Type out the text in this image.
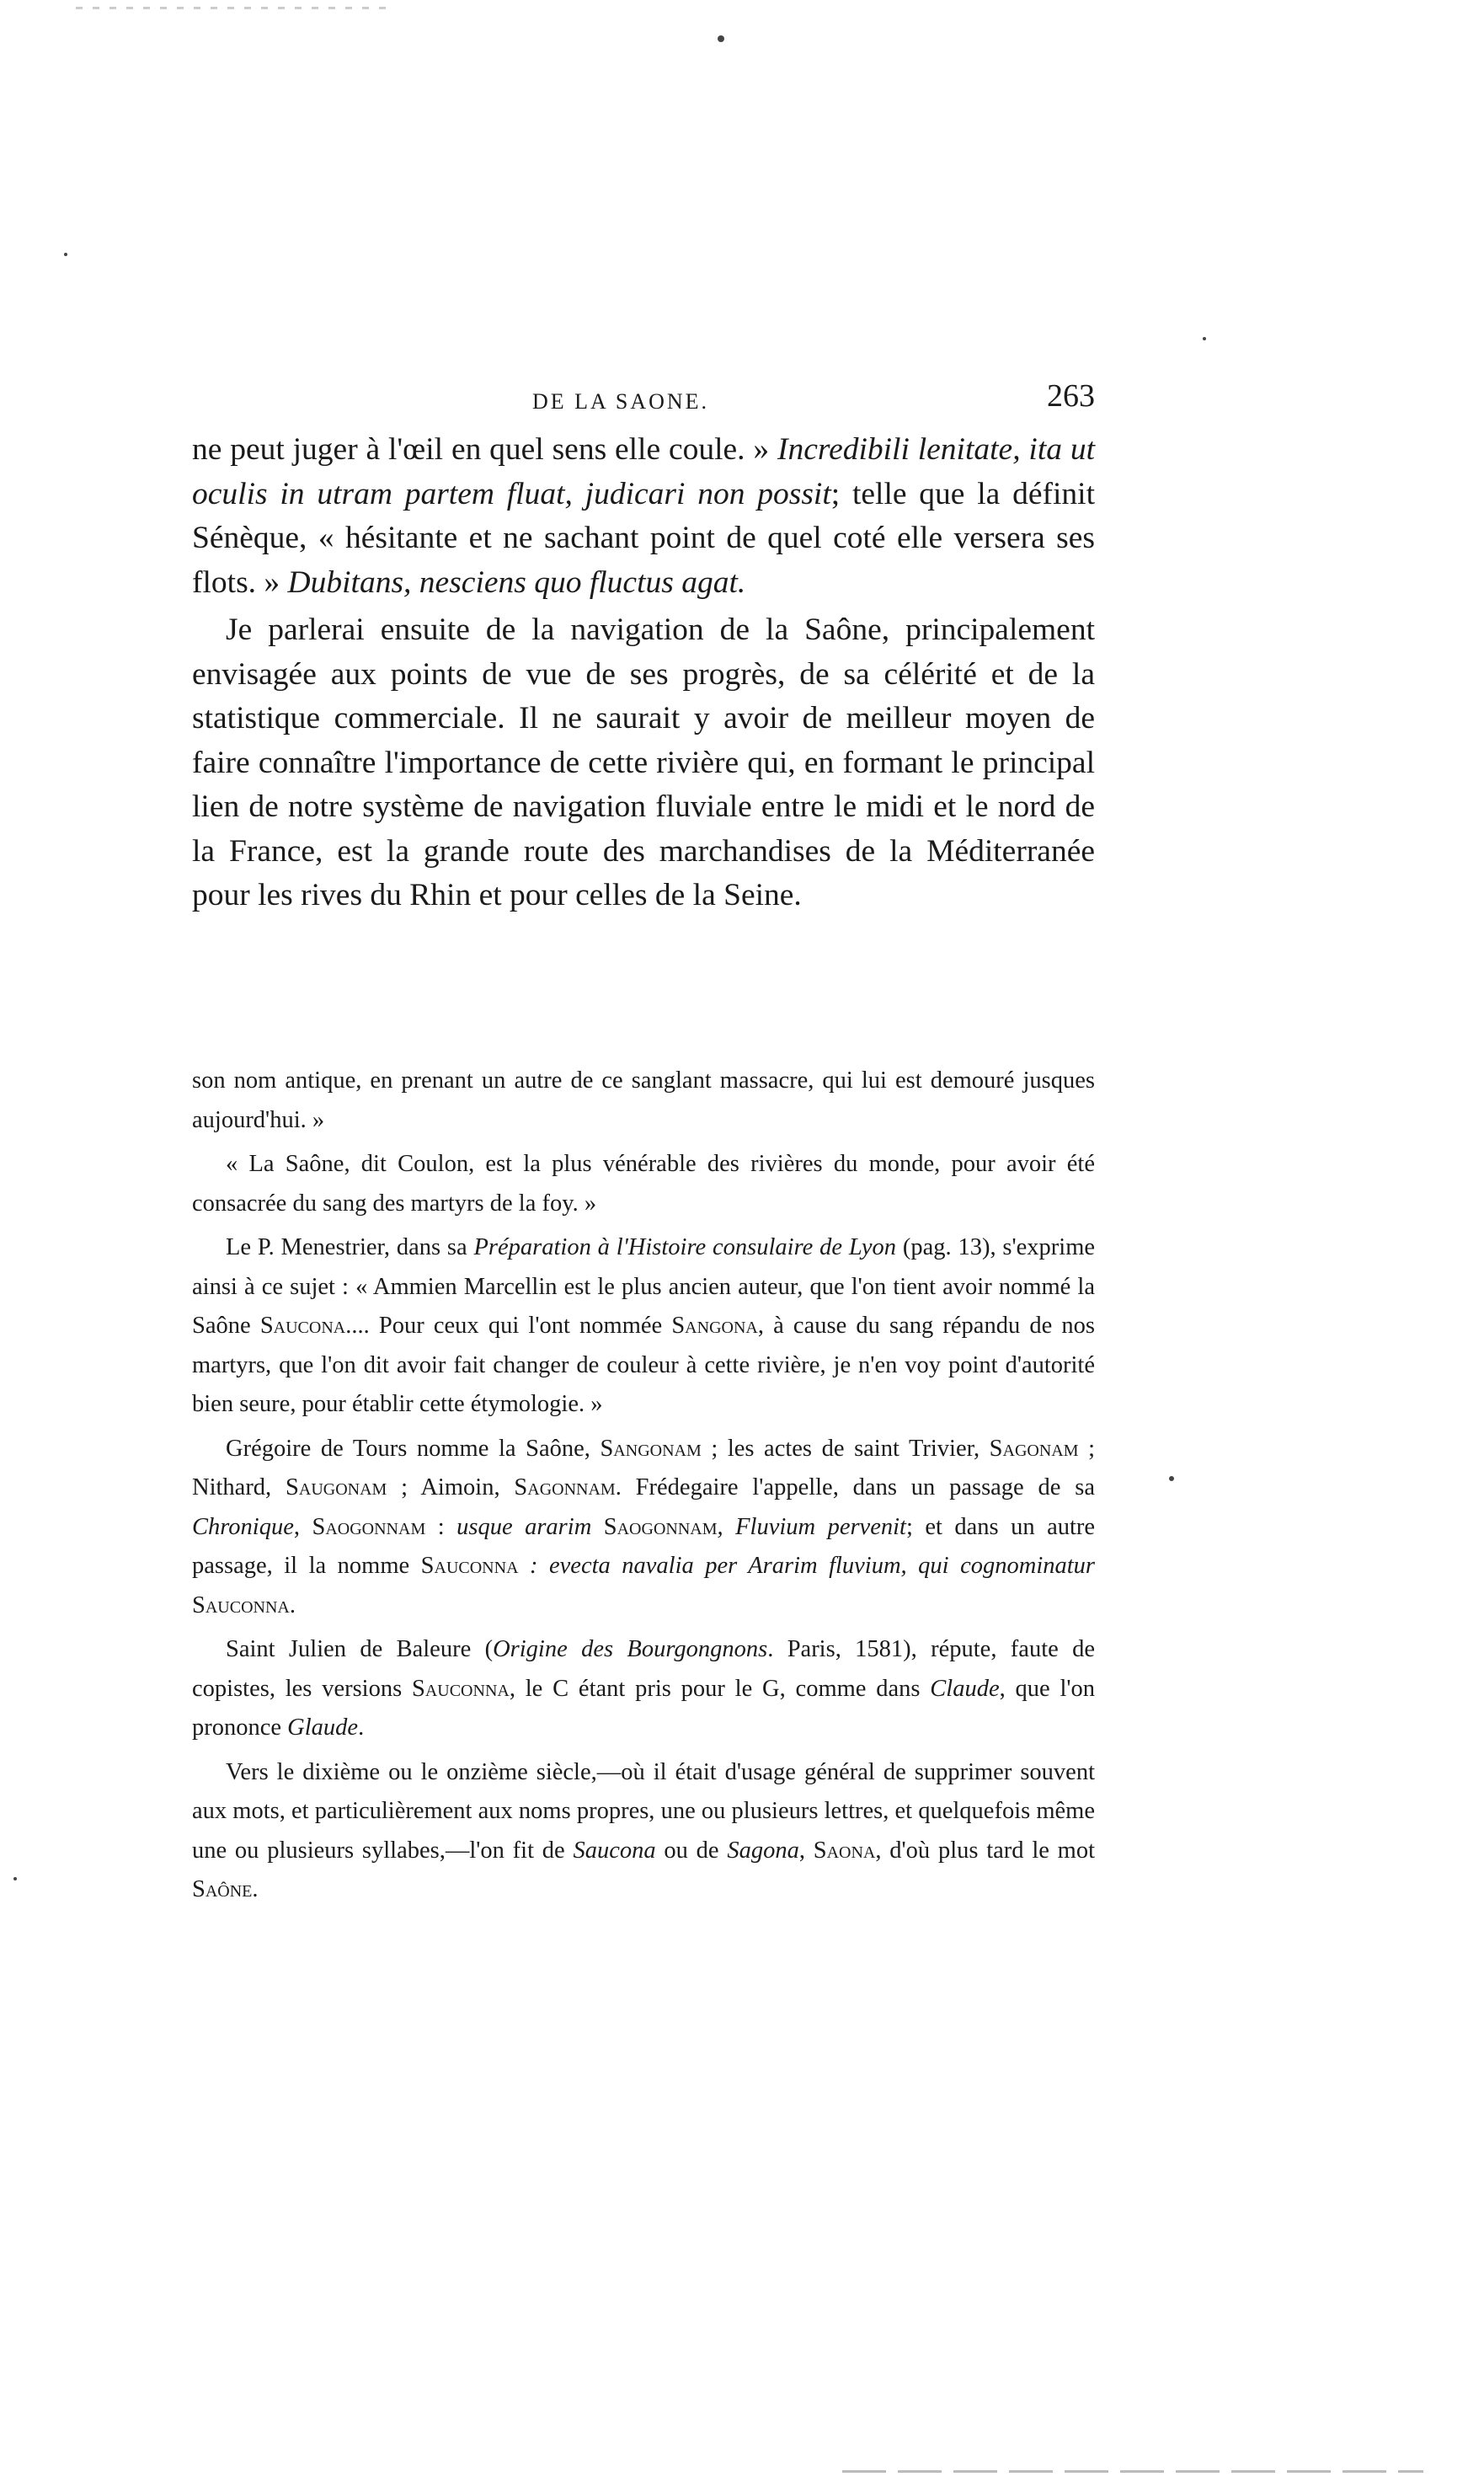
DE LA SAONE.	263

ne peut juger à l'œil en quel sens elle coule. » Incredibili lenitate, ita ut oculis in utram partem fluat, judicari non possit; telle que la définit Sénèque, « hésitante et ne sachant point de quel coté elle versera ses flots. » Dubitans, nesciens quo fluctus agat.

Je parlerai ensuite de la navigation de la Saône, principalement envisagée aux points de vue de ses progrès, de sa célérité et de la statistique commerciale. Il ne saurait y avoir de meilleur moyen de faire connaître l'importance de cette rivière qui, en formant le principal lien de notre système de navigation fluviale entre le midi et le nord de la France, est la grande route des marchandises de la Méditerranée pour les rives du Rhin et pour celles de la Seine.

son nom antique, en prenant un autre de ce sanglant massacre, qui lui est demouré jusques aujourd'hui. »

« La Saône, dit Coulon, est la plus vénérable des rivières du monde, pour avoir été consacrée du sang des martyrs de la foy. »

Le P. Menestrier, dans sa Préparation à l'Histoire consulaire de Lyon (pag. 13), s'exprime ainsi à ce sujet : « Ammien Marcellin est le plus ancien auteur, que l'on tient avoir nommé la Saône Saucona.... Pour ceux qui l'ont nommée Sangona, à cause du sang répandu de nos martyrs, que l'on dit avoir fait changer de couleur à cette rivière, je n'en voy point d'autorité bien seure, pour établir cette étymologie. »

Grégoire de Tours nomme la Saône, Sangonam ; les actes de saint Trivier, Sagonam ; Nithard, Saugonam ; Aimoin, Sagonnam. Frédegaire l'appelle, dans un passage de sa Chronique, Saogonnam : usque ararim Saogonnam, Fluvium pervenit; et dans un autre passage, il la nomme Sauconna : evecta navalia per Ararim fluvium, qui cognominatur Sauconna.

Saint Julien de Baleure (Origine des Bourgongnons. Paris, 1581), répute, faute de copistes, les versions Sauconna, le C étant pris pour le G, comme dans Claude, que l'on prononce Glaude.

Vers le dixième ou le onzième siècle,—où il était d'usage général de supprimer souvent aux mots, et particulièrement aux noms propres, une ou plusieurs lettres, et quelquefois même une ou plusieurs syllabes,—l'on fit de Saucona ou de Sagona, Saona, d'où plus tard le mot Saône.
